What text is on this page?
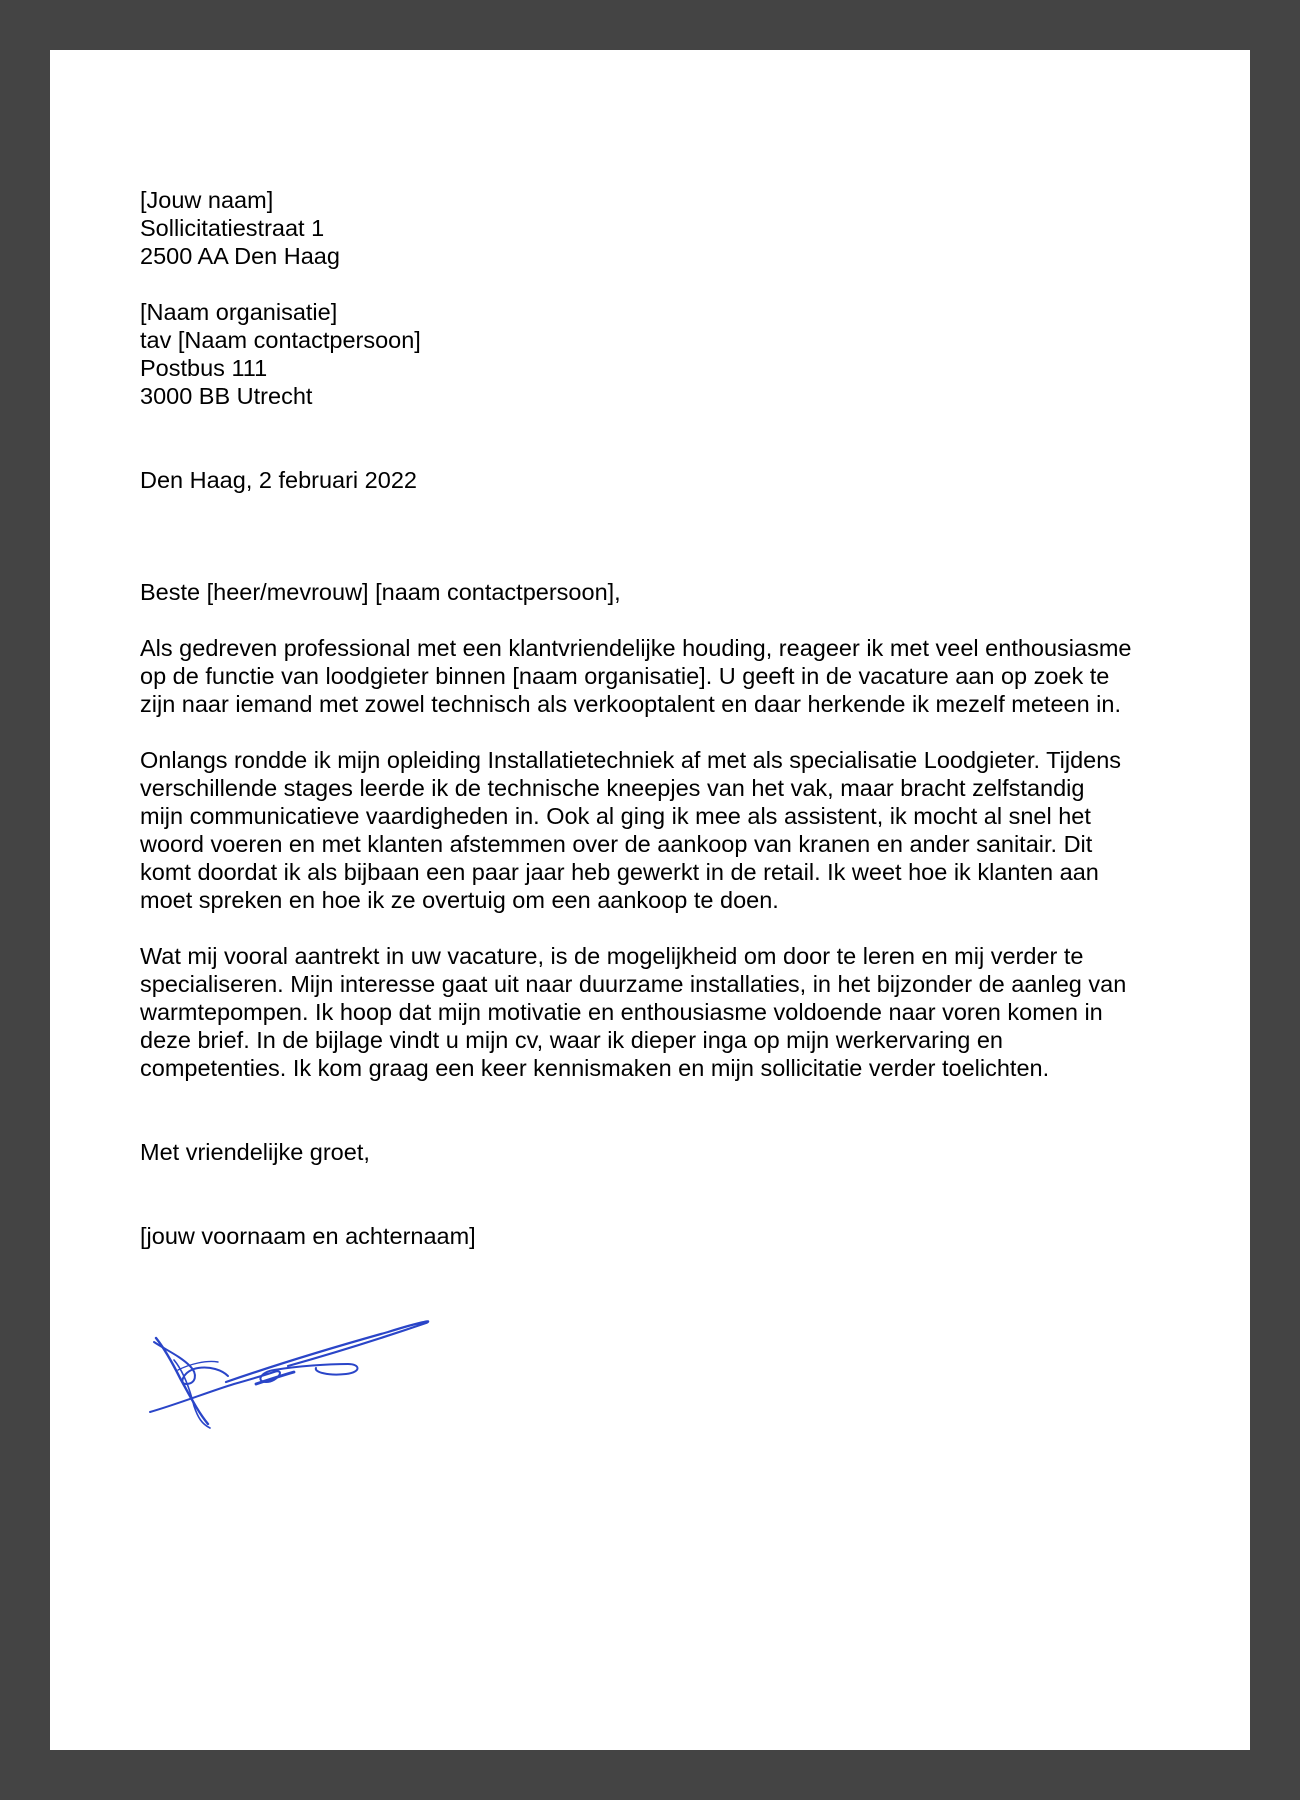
[Jouw naam]

Sollicitatiestraat 1

2500 AA Den Haag

[Naam organisatie]

tav [Naam contactpersoon]

Postbus 111

3000 BB Utrecht

Den Haag, 2 februari 2022

Beste [heer/mevrouw] [naam contactpersoon],

Als gedreven professional met een klantvriendelijke houding, reageer ik met veel enthousiasme

op de functie van loodgieter binnen [naam organisatie]. U geeft in de vacature aan op zoek te

zijn naar iemand met zowel technisch als verkooptalent en daar herkende ik mezelf meteen in.

Onlangs rondde ik mijn opleiding Installatietechniek af met als specialisatie Loodgieter. Tijdens

verschillende stages leerde ik de technische kneepjes van het vak, maar bracht zelfstandig

mijn communicatieve vaardigheden in. Ook al ging ik mee als assistent, ik mocht al snel het

woord voeren en met klanten afstemmen over de aankoop van kranen en ander sanitair. Dit

komt doordat ik als bijbaan een paar jaar heb gewerkt in de retail. Ik weet hoe ik klanten aan

moet spreken en hoe ik ze overtuig om een aankoop te doen.

Wat mij vooral aantrekt in uw vacature, is de mogelijkheid om door te leren en mij verder te

specialiseren. Mijn interesse gaat uit naar duurzame installaties, in het bijzonder de aanleg van

warmtepompen. Ik hoop dat mijn motivatie en enthousiasme voldoende naar voren komen in

deze brief. In de bijlage vindt u mijn cv, waar ik dieper inga op mijn werkervaring en

competenties. Ik kom graag een keer kennismaken en mijn sollicitatie verder toelichten.

Met vriendelijke groet,

[jouw voornaam en achternaam]
